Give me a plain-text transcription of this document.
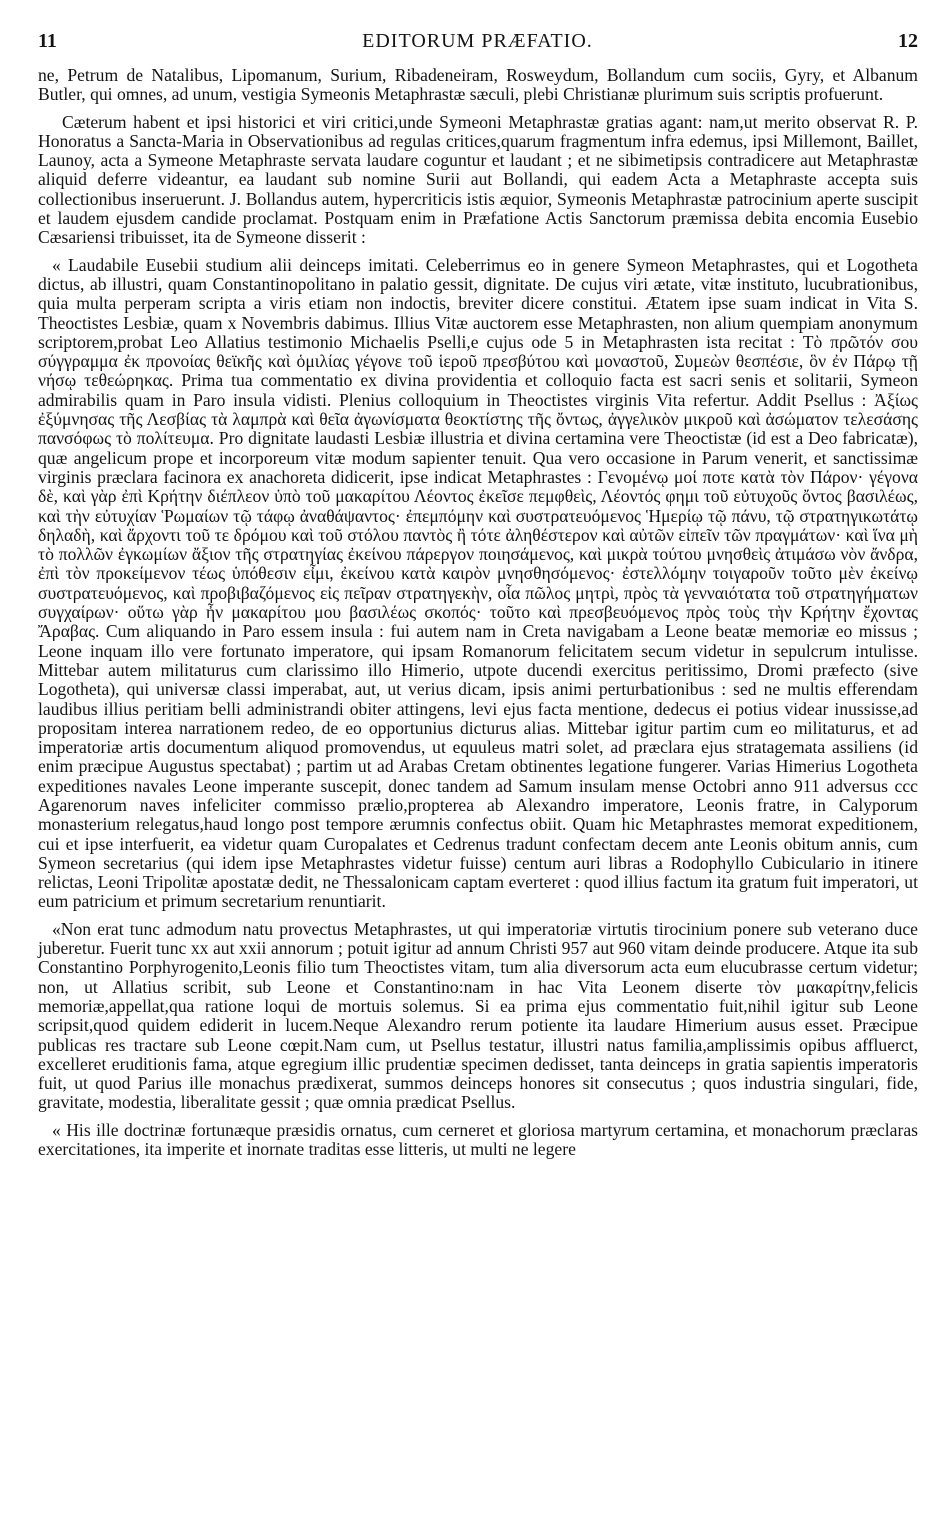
11	EDITORUM PRÆFATIO.	12

ne, Petrum de Natalibus, Lipomanum, Surium, Ribadeneiram, Rosweydum, Bollandum cum sociis, Gyry, et Albanum Butler, qui omnes, ad unum, vestigia Symeonis Metaphrastæ sæculi, plebi Christianæ plurimum suis scriptis profuerunt.

Cæterum habent et ipsi historici et viri critici,unde Symeoni Metaphrastæ gratias agant: nam,ut merito observat R. P. Honoratus a Sancta-Maria in Observationibus ad regulas critices,quarum fragmentum infra edemus, ipsi Millemont, Baillet, Launoy, acta a Symeone Metaphraste servata laudare coguntur et laudant ; et ne sibimetipsis contradicere aut Metaphrastæ aliquid deferre videantur, ea laudant sub nomine Surii aut Bollandi, qui eadem Acta a Metaphraste accepta suis collectionibus inseruerunt. J. Bollandus autem, hypercriticis istis æquior, Symeonis Metaphrastæ patrocinium aperte suscipit et laudem ejusdem candide proclamat. Postquam enim in Præfatione Actis Sanctorum præmissa debita encomia Eusebio Cæsariensi tribuisset, ita de Symeone disserit :

« Laudabile Eusebii studium alii deinceps imitati. Celeberrimus eo in genere Symeon Metaphrastes, qui et Logotheta dictus, ab illustri, quam Constantinopolitano in palatio gessit, dignitate. De cujus viri ætate, vitæ instituto, lucubrationibus, quia multa perperam scripta a viris etiam non indoctis, breviter dicere constitui. Ætatem ipse suam indicat in Vita S. Theoctistes Lesbiæ, quam x Novembris dabimus. Illius Vitæ auctorem esse Metaphrasten, non alium quempiam anonymum scriptorem,probat Leo Allatius testimonio Michaelis Pselli,e cujus ode 5 in Metaphrasten ista recitat : Τὸ πρῶτόν σου σύγγραμμα ἐκ προνοίας θεϊκῆς καὶ ὁμιλίας γέγονε τοῦ ἱεροῦ πρεσβύτου καὶ μοναστοῦ, Συμεὼν θεσπέσιε, ὃν ἐν Πάρῳ τῇ νήσῳ τεθεώρηκας. Prima tua commentatio ex divina providentia et colloquio facta est sacri senis et solitarii, Symeon admirabilis quam in Paro insula vidisti. Plenius colloquium in Theoctistes virginis Vita refertur. Addit Psellus : Ἀξίως ἐξύμνησας τῆς Λεσβίας τὰ λαμπρὰ καὶ θεῖα ἀγωνίσματα θεοκτίστης τῆς ὄντως, ἀγγελικὸν μικροῦ καὶ ἀσώματον τελεσάσης πανσόφως τὸ πολίτευμα. Pro dignitate laudasti Lesbiæ illustria et divina certamina vere Theoctistæ (id est a Deo fabricatæ), quæ angelicum prope et incorporeum vitæ modum sapienter tenuit. Qua vero occasione in Parum venerit, et sanctissimæ virginis præclara facinora ex anachoreta didicerit, ipse indicat Metaphrastes : Γενομένῳ μοί ποτε κατὰ τὸν Πάρον· γέγονα δὲ, καὶ γὰρ ἐπὶ Κρήτην διέπλεον ὑπὸ τοῦ μακαρίτου Λέοντος ἐκεῖσε πεμφθεὶς, Λέοντός φημι τοῦ εὐτυχοῦς ὄντος βασιλέως, καὶ τὴν εὐτυχίαν Ῥωμαίων τῷ τάφῳ ἀναθάψαντος· ἐπεμπόμην καὶ συστρατευόμενος Ἡμερίῳ τῷ πάνυ, τῷ στρατηγικωτάτῳ δηλαδὴ, καὶ ἄρχοντι τοῦ τε δρόμου καὶ τοῦ στόλου παντὸς ἢ τότε ἀληθέστερον καὶ αὐτῶν εἰπεῖν τῶν πραγμάτων· καὶ ἵνα μὴ τὸ πολλῶν ἐγκωμίων ἄξιον τῆς στρατηγίας ἐκείνου πάρεργον ποιησάμενος, καὶ μικρὰ τούτου μνησθεὶς ἀτιμάσω νὸν ἄνδρα, ἐπὶ τὸν προκείμενον τέως ὑπόθεσιν εἶμι, ἐκείνου κατὰ καιρὸν μνησθησόμενος· ἐστελλόμην τοιγαροῦν τοῦτο μὲν ἐκείνῳ συστρατευόμενος, καὶ προβιβαζόμενος εἰς πεῖραν στρατηγεκὴν, οἷα πῶλος μητρὶ, πρὸς τὰ γενναιότατα τοῦ στρατηγήματων συγχαίρων· οὕτω γὰρ ἦν μακαρίτου μου βασιλέως σκοπός· τοῦτο καὶ πρεσβευόμενος πρὸς τοὺς τὴν Κρήτην ἔχοντας Ἄραβας. Cum aliquando in Paro essem insula : fui autem nam in Creta navigabam a Leone beatæ memoriæ eo missus ; Leone inquam illo vere fortunato imperatore, qui ipsam Romanorum felicitatem secum videtur in sepulcrum intulisse. Mittebar autem militaturus cum clarissimo illo Himerio, utpote ducendi exercitus peritissimo, Dromi præfecto (sive Logotheta), qui universæ classi imperabat, aut, ut verius dicam, ipsis animi perturbationibus : sed ne multis efferendam laudibus illius peritiam belli administrandi obiter attingens, levi ejus facta mentione, dedecus ei potius videar inussisse,ad propositam interea narrationem redeo, de eo opportunius dicturus alias. Mittebar igitur partim cum eo militaturus, et ad imperatoriæ artis documentum aliquod promovendus, ut equuleus matri solet, ad præclara ejus stratagemata assiliens (id enim præcipue Augustus spectabat) ; partim ut ad Arabas Cretam obtinentes legatione fungerer. Varias Himerius Logotheta expeditiones navales Leone imperante suscepit, donec tandem ad Samum insulam mense Octobri anno 911 adversus ccc Agarenorum naves infeliciter commisso prælio,propterea ab Alexandro imperatore, Leonis fratre, in Calyporum monasterium relegatus,haud longo post tempore ærumnis confectus obiit. Quam hic Metaphrastes memorat expeditionem, cui et ipse interfuerit, ea videtur quam Curopalates et Cedrenus tradunt confectam decem ante Leonis obitum annis, cum Symeon secretarius (qui idem ipse Metaphrastes videtur fuisse) centum auri libras a Rodophyllo Cubiculario in itinere relictas, Leoni Tripolitæ apostatæ dedit, ne Thessalonicam captam everteret : quod illius factum ita gratum fuit imperatori, ut eum patricium et primum secretarium renuntiarit.

«Non erat tunc admodum natu provectus Metaphrastes, ut qui imperatoriæ virtutis tirocinium ponere sub veterano duce juberetur. Fuerit tunc xx aut xxii annorum ; potuit igitur ad annum Christi 957 aut 960 vitam deinde producere. Atque ita sub Constantino Porphyrogenito,Leonis filio tum Theoctistes vitam, tum alia diversorum acta eum elucubrasse certum videtur; non, ut Allatius scribit, sub Leone et Constantino:nam in hac Vita Leonem diserte τὸν μακαρίτην,felicis memoriæ,appellat,qua ratione loqui de mortuis solemus. Si ea prima ejus commentatio fuit,nihil igitur sub Leone scripsit,quod quidem ediderit in lucem.Neque Alexandro rerum potiente ita laudare Himerium ausus esset. Præcipue publicas res tractare sub Leone cœpit.Nam cum, ut Psellus testatur, illustri natus familia,amplissimis opibus affluerct, excelleret eruditionis fama, atque egregium illic prudentiæ specimen dedisset, tanta deinceps in gratia sapientis imperatoris fuit, ut quod Parius ille monachus prædixerat, summos deinceps honores sit consecutus ; quos industria singulari, fide, gravitate, modestia, liberalitate gessit ; quæ omnia prædicat Psellus.

« His ille doctrinæ fortunæque præsidis ornatus, cum cerneret et gloriosa martyrum certamina, et monachorum præclaras exercitationes, ita imperite et inornate traditas esse litteris, ut multi ne legere
